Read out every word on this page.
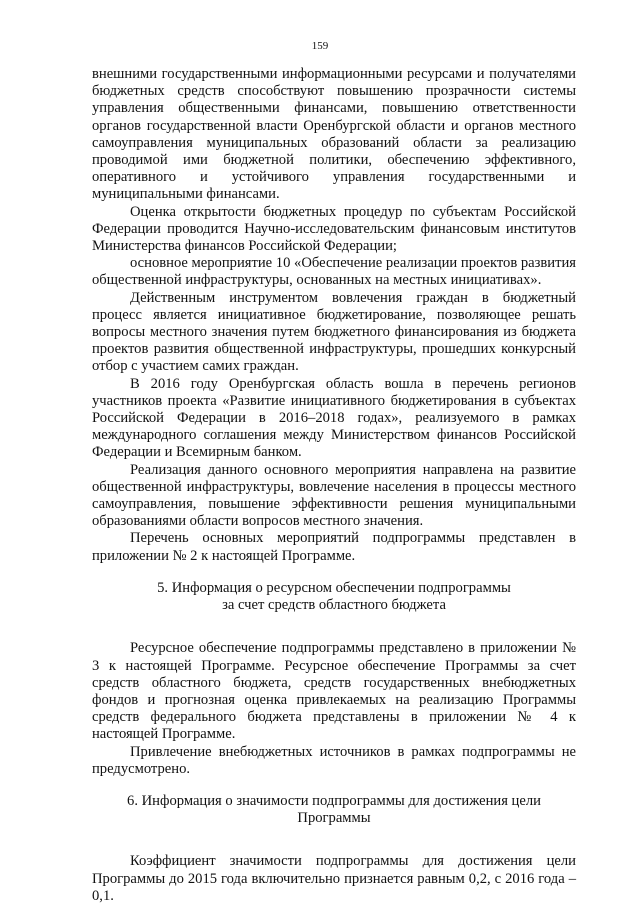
159

внешними государственными информационными ресурсами и получателями бюджетных средств способствуют повышению прозрачности системы управления общественными финансами, повышению ответственности органов государственной власти Оренбургской области и органов местного самоуправления муниципальных образований области за реализацию проводимой ими бюджетной политики, обеспечению эффективного, оперативного и устойчивого управления государственными и муниципальными финансами.

Оценка открытости бюджетных процедур по субъектам Российской Федерации проводится Научно-исследовательским финансовым институтов Министерства финансов Российской Федерации;

основное мероприятие 10 «Обеспечение реализации проектов развития общественной инфраструктуры, основанных на местных инициативах».

Действенным инструментом вовлечения граждан в бюджетный процесс является инициативное бюджетирование, позволяющее решать вопросы местного значения путем бюджетного финансирования из бюджета проектов развития общественной инфраструктуры, прошедших конкурсный отбор с участием самих граждан.

В 2016 году Оренбургская область вошла в перечень регионов участников проекта «Развитие инициативного бюджетирования в субъектах Российской Федерации в 2016–2018 годах», реализуемого в рамках международного соглашения между Министерством финансов Российской Федерации и Всемирным банком.

Реализация данного основного мероприятия направлена на развитие общественной инфраструктуры, вовлечение населения в процессы местного самоуправления, повышение эффективности решения муниципальными образованиями области вопросов местного значения.

Перечень основных мероприятий подпрограммы представлен в приложении № 2 к настоящей Программе.

5. Информация о ресурсном обеспечении подпрограммы
за счет средств областного бюджета

Ресурсное обеспечение подпрограммы представлено в приложении № 3 к настоящей Программе. Ресурсное обеспечение Программы за счет средств областного бюджета, средств государственных внебюджетных фондов и прогнозная оценка привлекаемых на реализацию Программы средств федерального бюджета представлены в приложении № 4 к настоящей Программе.

Привлечение внебюджетных источников в рамках подпрограммы не предусмотрено.

6. Информация о значимости подпрограммы для достижения цели
Программы

Коэффициент значимости подпрограммы для достижения цели Программы до 2015 года включительно признается равным 0,2, с 2016 года – 0,1.
